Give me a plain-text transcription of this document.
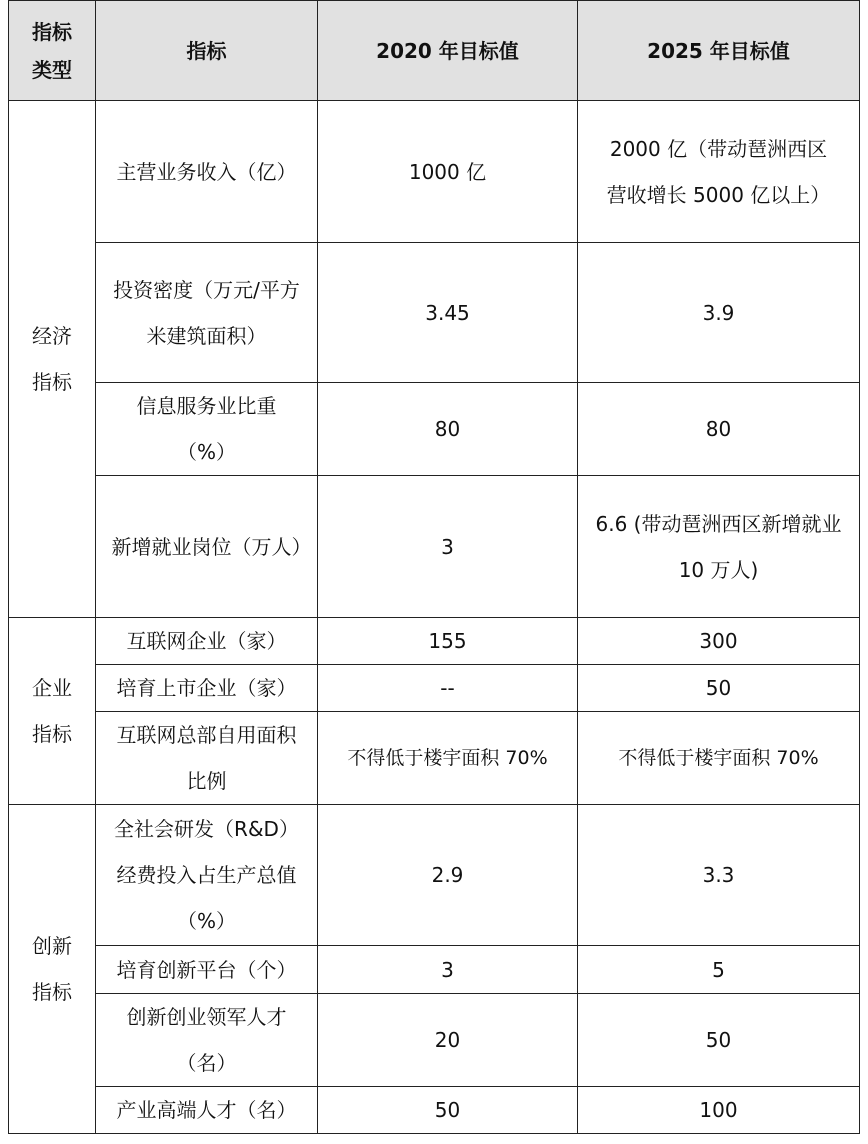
指标类型	指标	2020 年目标值	2025 年目标值

经济指标	主营业务收入（亿）	1000 亿	2000 亿（带动琶洲西区营收增长 5000 亿以上）

	投资密度（万元/平方米建筑面积）	3.45	3.9

	信息服务业比重（%）	80	80

	新增就业岗位（万人）	3	6.6 (带动琶洲西区新增就业 10 万人)

企业指标	互联网企业（家）	155	300
	培育上市企业（家）	--	50

	互联网总部自用面积比例	不得低于楼宇面积 70%	不得低于楼宇面积 70%

创新指标	全社会研发（R&D）经费投入占生产总值（%）	2.9	3.3
	培育创新平台（个）	3	5

	创新创业领军人才（名）	20	50
	产业高端人才（名）	50	100
